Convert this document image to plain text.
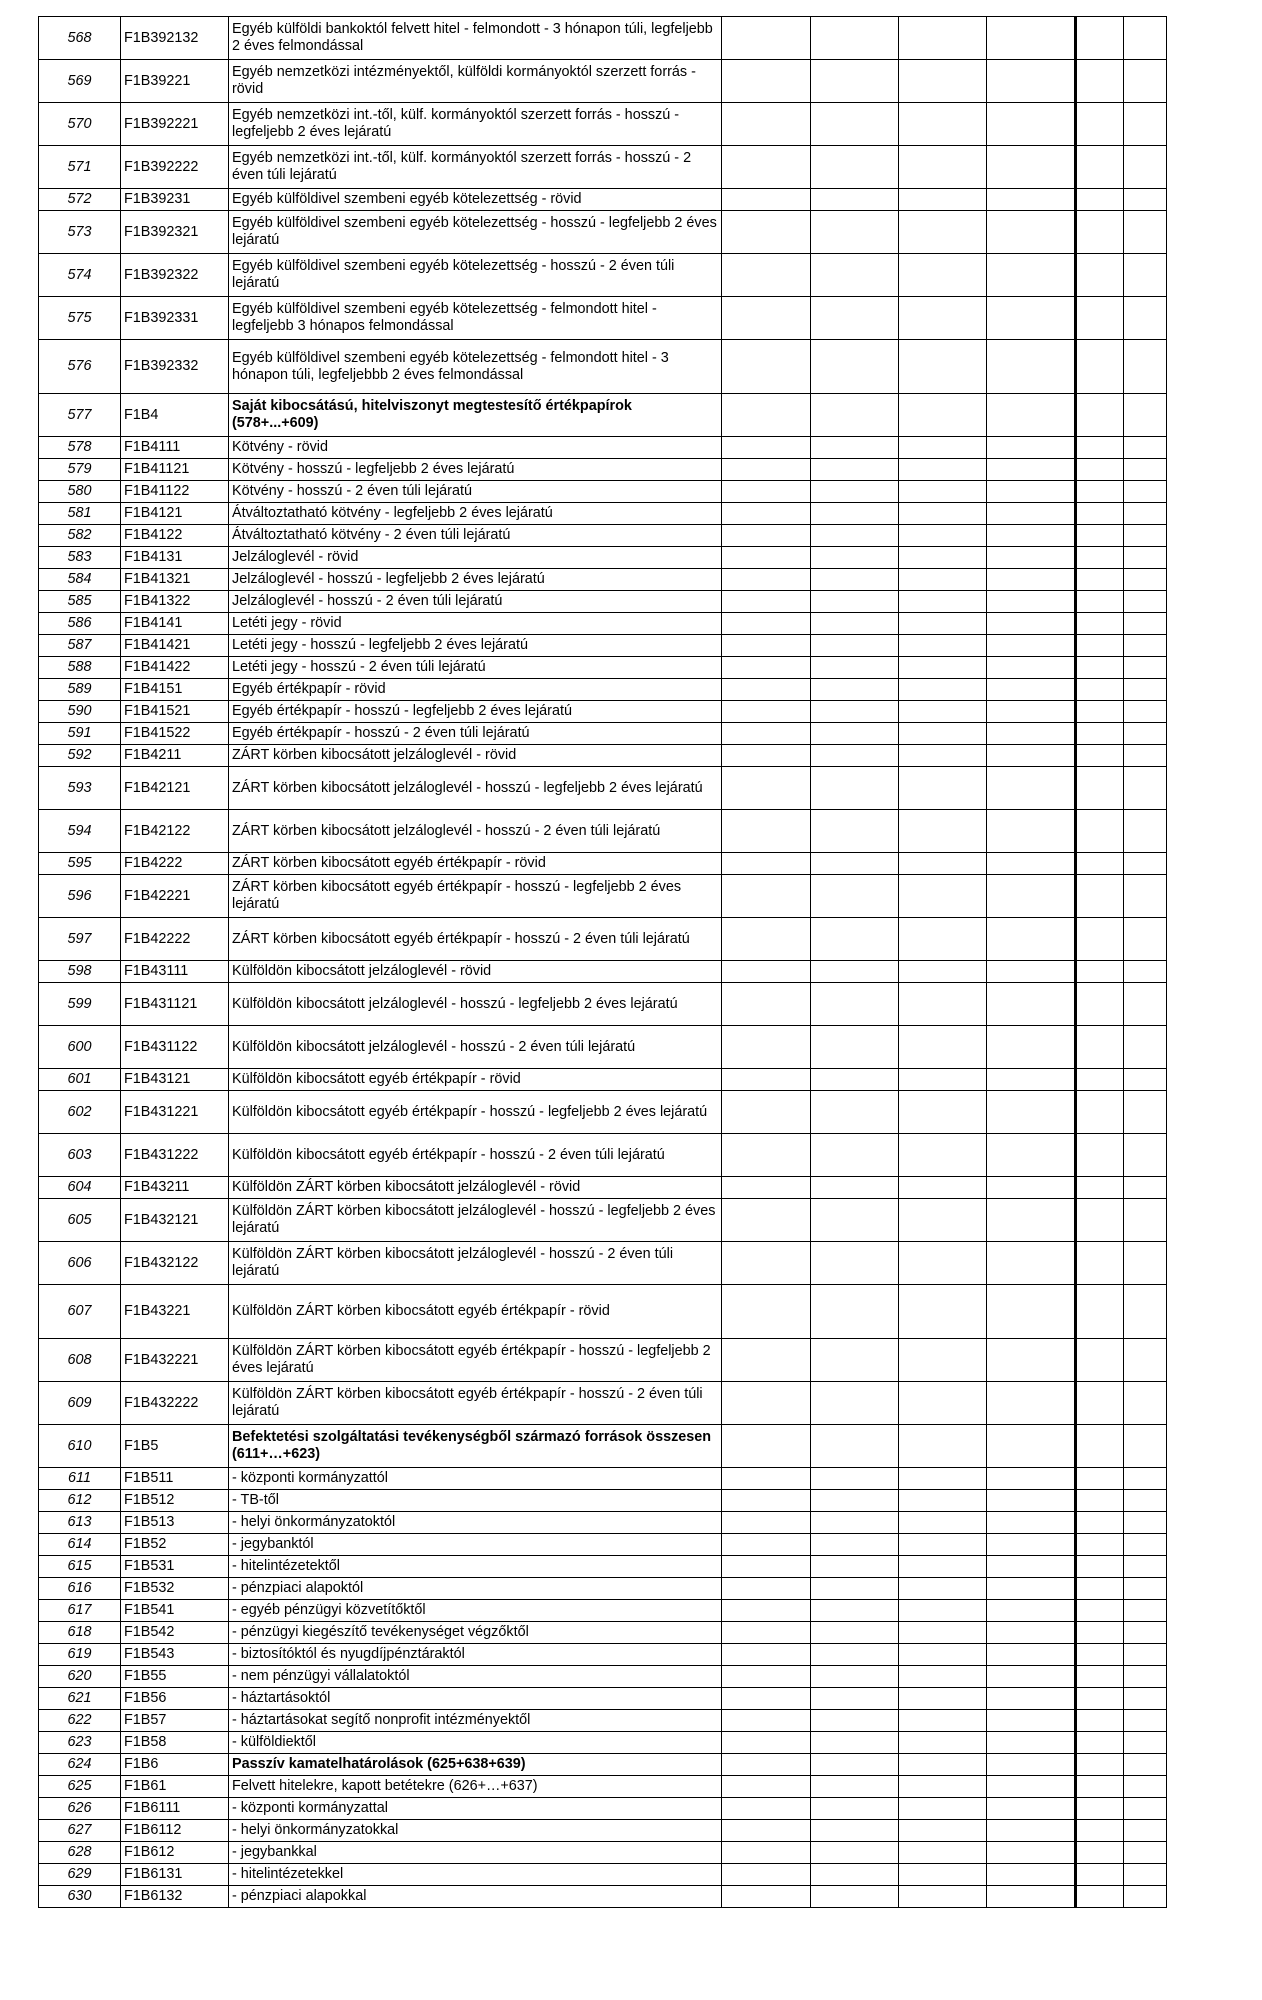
568	F1B392132	Egyéb külföldi bankoktól felvett hitel - felmondott - 3 hónapon túli, legfeljebb 2 éves felmondással						
569	F1B39221	Egyéb nemzetközi intézményektől, külföldi kormányoktól szerzett forrás - rövid						
570	F1B392221	Egyéb nemzetközi int.-től, külf. kormányoktól szerzett forrás - hosszú - legfeljebb 2 éves lejáratú						
571	F1B392222	Egyéb nemzetközi int.-től, külf. kormányoktól szerzett forrás - hosszú - 2 éven túli lejáratú						
572	F1B39231	Egyéb külföldivel szembeni egyéb kötelezettség - rövid						
573	F1B392321	Egyéb külföldivel szembeni egyéb kötelezettség - hosszú - legfeljebb 2 éves lejáratú						
574	F1B392322	Egyéb külföldivel szembeni egyéb kötelezettség - hosszú - 2 éven túli lejáratú						
575	F1B392331	Egyéb külföldivel szembeni egyéb kötelezettség - felmondott hitel - legfeljebb 3 hónapos felmondással						
576	F1B392332	Egyéb külföldivel szembeni egyéb kötelezettség - felmondott hitel - 3 hónapon túli, legfeljebbb 2 éves felmondással						
577	F1B4	Saját kibocsátású, hitelviszonyt megtestesítő értékpapírok (578+...+609)						
578	F1B4111	Kötvény - rövid						
579	F1B41121	Kötvény - hosszú - legfeljebb 2 éves lejáratú						
580	F1B41122	Kötvény - hosszú - 2 éven túli lejáratú						
581	F1B4121	Átváltoztatható kötvény - legfeljebb 2 éves lejáratú						
582	F1B4122	Átváltoztatható kötvény - 2 éven túli lejáratú						
583	F1B4131	Jelzáloglevél - rövid						
584	F1B41321	Jelzáloglevél - hosszú - legfeljebb 2 éves lejáratú						
585	F1B41322	Jelzáloglevél - hosszú - 2 éven túli lejáratú						
586	F1B4141	Letéti jegy - rövid						
587	F1B41421	Letéti jegy - hosszú - legfeljebb 2 éves lejáratú						
588	F1B41422	Letéti jegy - hosszú - 2 éven túli lejáratú						
589	F1B4151	Egyéb értékpapír - rövid						
590	F1B41521	Egyéb értékpapír - hosszú - legfeljebb 2 éves lejáratú						
591	F1B41522	Egyéb értékpapír - hosszú - 2 éven túli lejáratú						
592	F1B4211	ZÁRT körben kibocsátott jelzáloglevél - rövid						
593	F1B42121	ZÁRT körben kibocsátott jelzáloglevél - hosszú - legfeljebb 2 éves lejáratú						
594	F1B42122	ZÁRT körben kibocsátott jelzáloglevél - hosszú - 2 éven túli lejáratú						
595	F1B4222	ZÁRT körben kibocsátott egyéb értékpapír - rövid						
596	F1B42221	ZÁRT körben kibocsátott egyéb értékpapír - hosszú - legfeljebb 2 éves lejáratú						
597	F1B42222	ZÁRT körben kibocsátott egyéb értékpapír - hosszú - 2 éven túli lejáratú						
598	F1B43111	Külföldön kibocsátott jelzáloglevél - rövid						
599	F1B431121	Külföldön kibocsátott jelzáloglevél - hosszú - legfeljebb 2 éves lejáratú						
600	F1B431122	Külföldön kibocsátott jelzáloglevél - hosszú - 2 éven túli lejáratú						
601	F1B43121	Külföldön kibocsátott egyéb értékpapír - rövid						
602	F1B431221	Külföldön kibocsátott egyéb értékpapír - hosszú - legfeljebb 2 éves lejáratú						
603	F1B431222	Külföldön kibocsátott egyéb értékpapír - hosszú - 2 éven túli lejáratú						
604	F1B43211	Külföldön ZÁRT körben kibocsátott jelzáloglevél - rövid						
605	F1B432121	Külföldön ZÁRT körben kibocsátott jelzáloglevél - hosszú - legfeljebb 2 éves lejáratú						
606	F1B432122	Külföldön ZÁRT körben kibocsátott jelzáloglevél - hosszú - 2 éven túli lejáratú						
607	F1B43221	Külföldön ZÁRT körben kibocsátott egyéb értékpapír - rövid						
608	F1B432221	Külföldön ZÁRT körben kibocsátott egyéb értékpapír - hosszú - legfeljebb 2 éves lejáratú						
609	F1B432222	Külföldön ZÁRT körben kibocsátott egyéb értékpapír - hosszú - 2 éven túli lejáratú						
610	F1B5	Befektetési szolgáltatási tevékenységből származó források összesen (611+…+623)						
611	F1B511	- központi kormányzattól						
612	F1B512	- TB-től						
613	F1B513	- helyi önkormányzatoktól						
614	F1B52	- jegybanktól						
615	F1B531	- hitelintézetektől						
616	F1B532	- pénzpiaci alapoktól						
617	F1B541	- egyéb pénzügyi közvetítőktől						
618	F1B542	- pénzügyi kiegészítő tevékenységet végzőktől						
619	F1B543	- biztosítóktól és nyugdíjpénztáraktól						
620	F1B55	- nem pénzügyi vállalatoktól						
621	F1B56	- háztartásoktól						
622	F1B57	- háztartásokat segítő nonprofit intézményektől						
623	F1B58	- külföldiektől						
624	F1B6	Passzív kamatelhatárolások (625+638+639)						
625	F1B61	Felvett hitelekre, kapott betétekre (626+…+637)						
626	F1B6111	- központi kormányzattal						
627	F1B6112	- helyi önkormányzatokkal						
628	F1B612	- jegybankkal						
629	F1B6131	- hitelintézetekkel						
630	F1B6132	- pénzpiaci alapokkal						
